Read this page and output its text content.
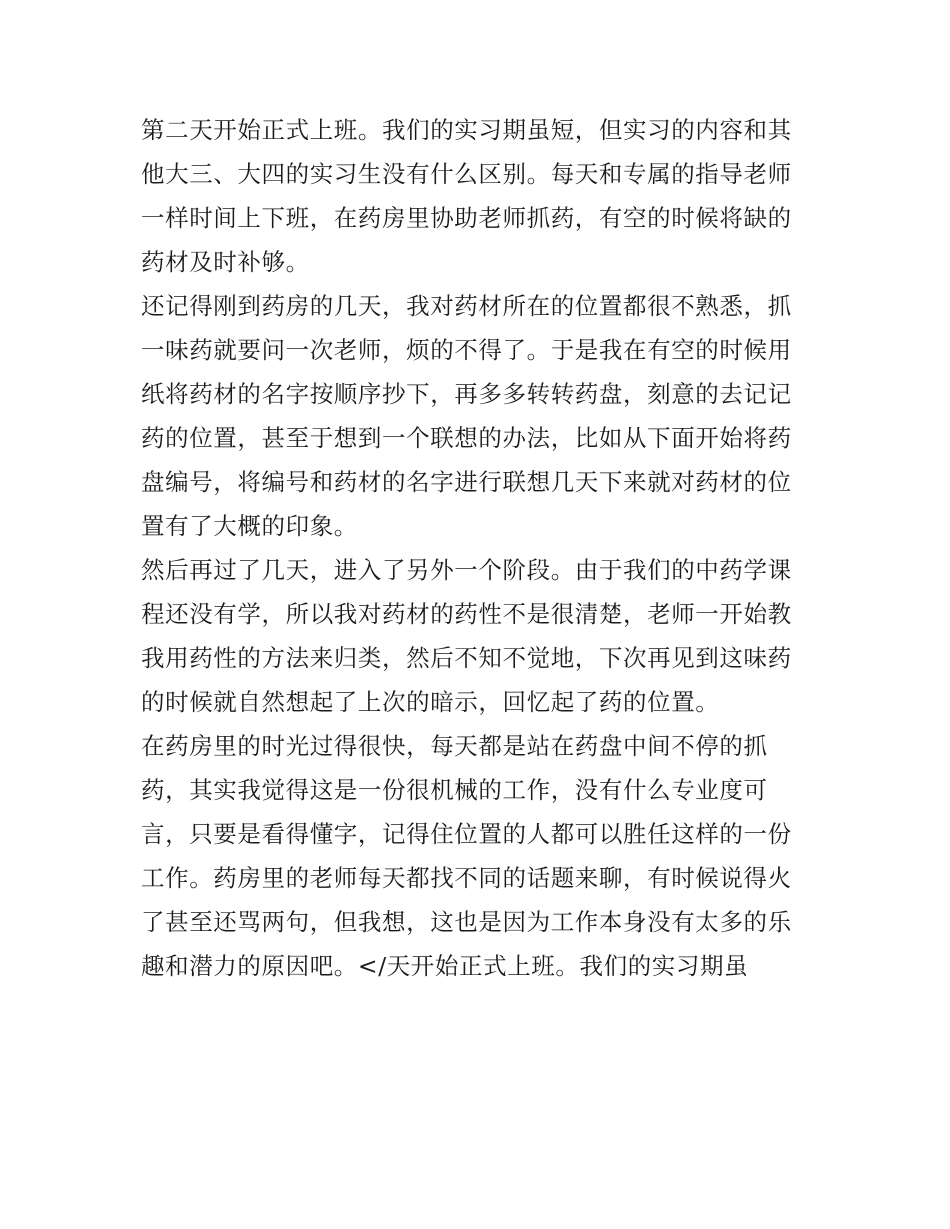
第二天开始正式上班。我们的实习期虽短，但实习的内容和其他大三、大四的实习生没有什么区别。每天和专属的指导老师一样时间上下班，在药房里协助老师抓药，有空的时候将缺的药材及时补够。

还记得刚到药房的几天，我对药材所在的位置都很不熟悉，抓一味药就要问一次老师，烦的不得了。于是我在有空的时候用纸将药材的名字按顺序抄下，再多多转转药盘，刻意的去记记药的位置，甚至于想到一个联想的办法，比如从下面开始将药盘编号，将编号和药材的名字进行联想几天下来就对药材的位置有了大概的印象。

然后再过了几天，进入了另外一个阶段。由于我们的中药学课程还没有学，所以我对药材的药性不是很清楚，老师一开始教我用药性的方法来归类，然后不知不觉地，下次再见到这味药的时候就自然想起了上次的暗示，回忆起了药的位置。

在药房里的时光过得很快，每天都是站在药盘中间不停的抓药，其实我觉得这是一份很机械的工作，没有什么专业度可言，只要是看得懂字，记得住位置的人都可以胜任这样的一份工作。药房里的老师每天都找不同的话题来聊，有时候说得火了甚至还骂两句，但我想，这也是因为工作本身没有太多的乐趣和潜力的原因吧。</天开始正式上班。我们的实习期虽
